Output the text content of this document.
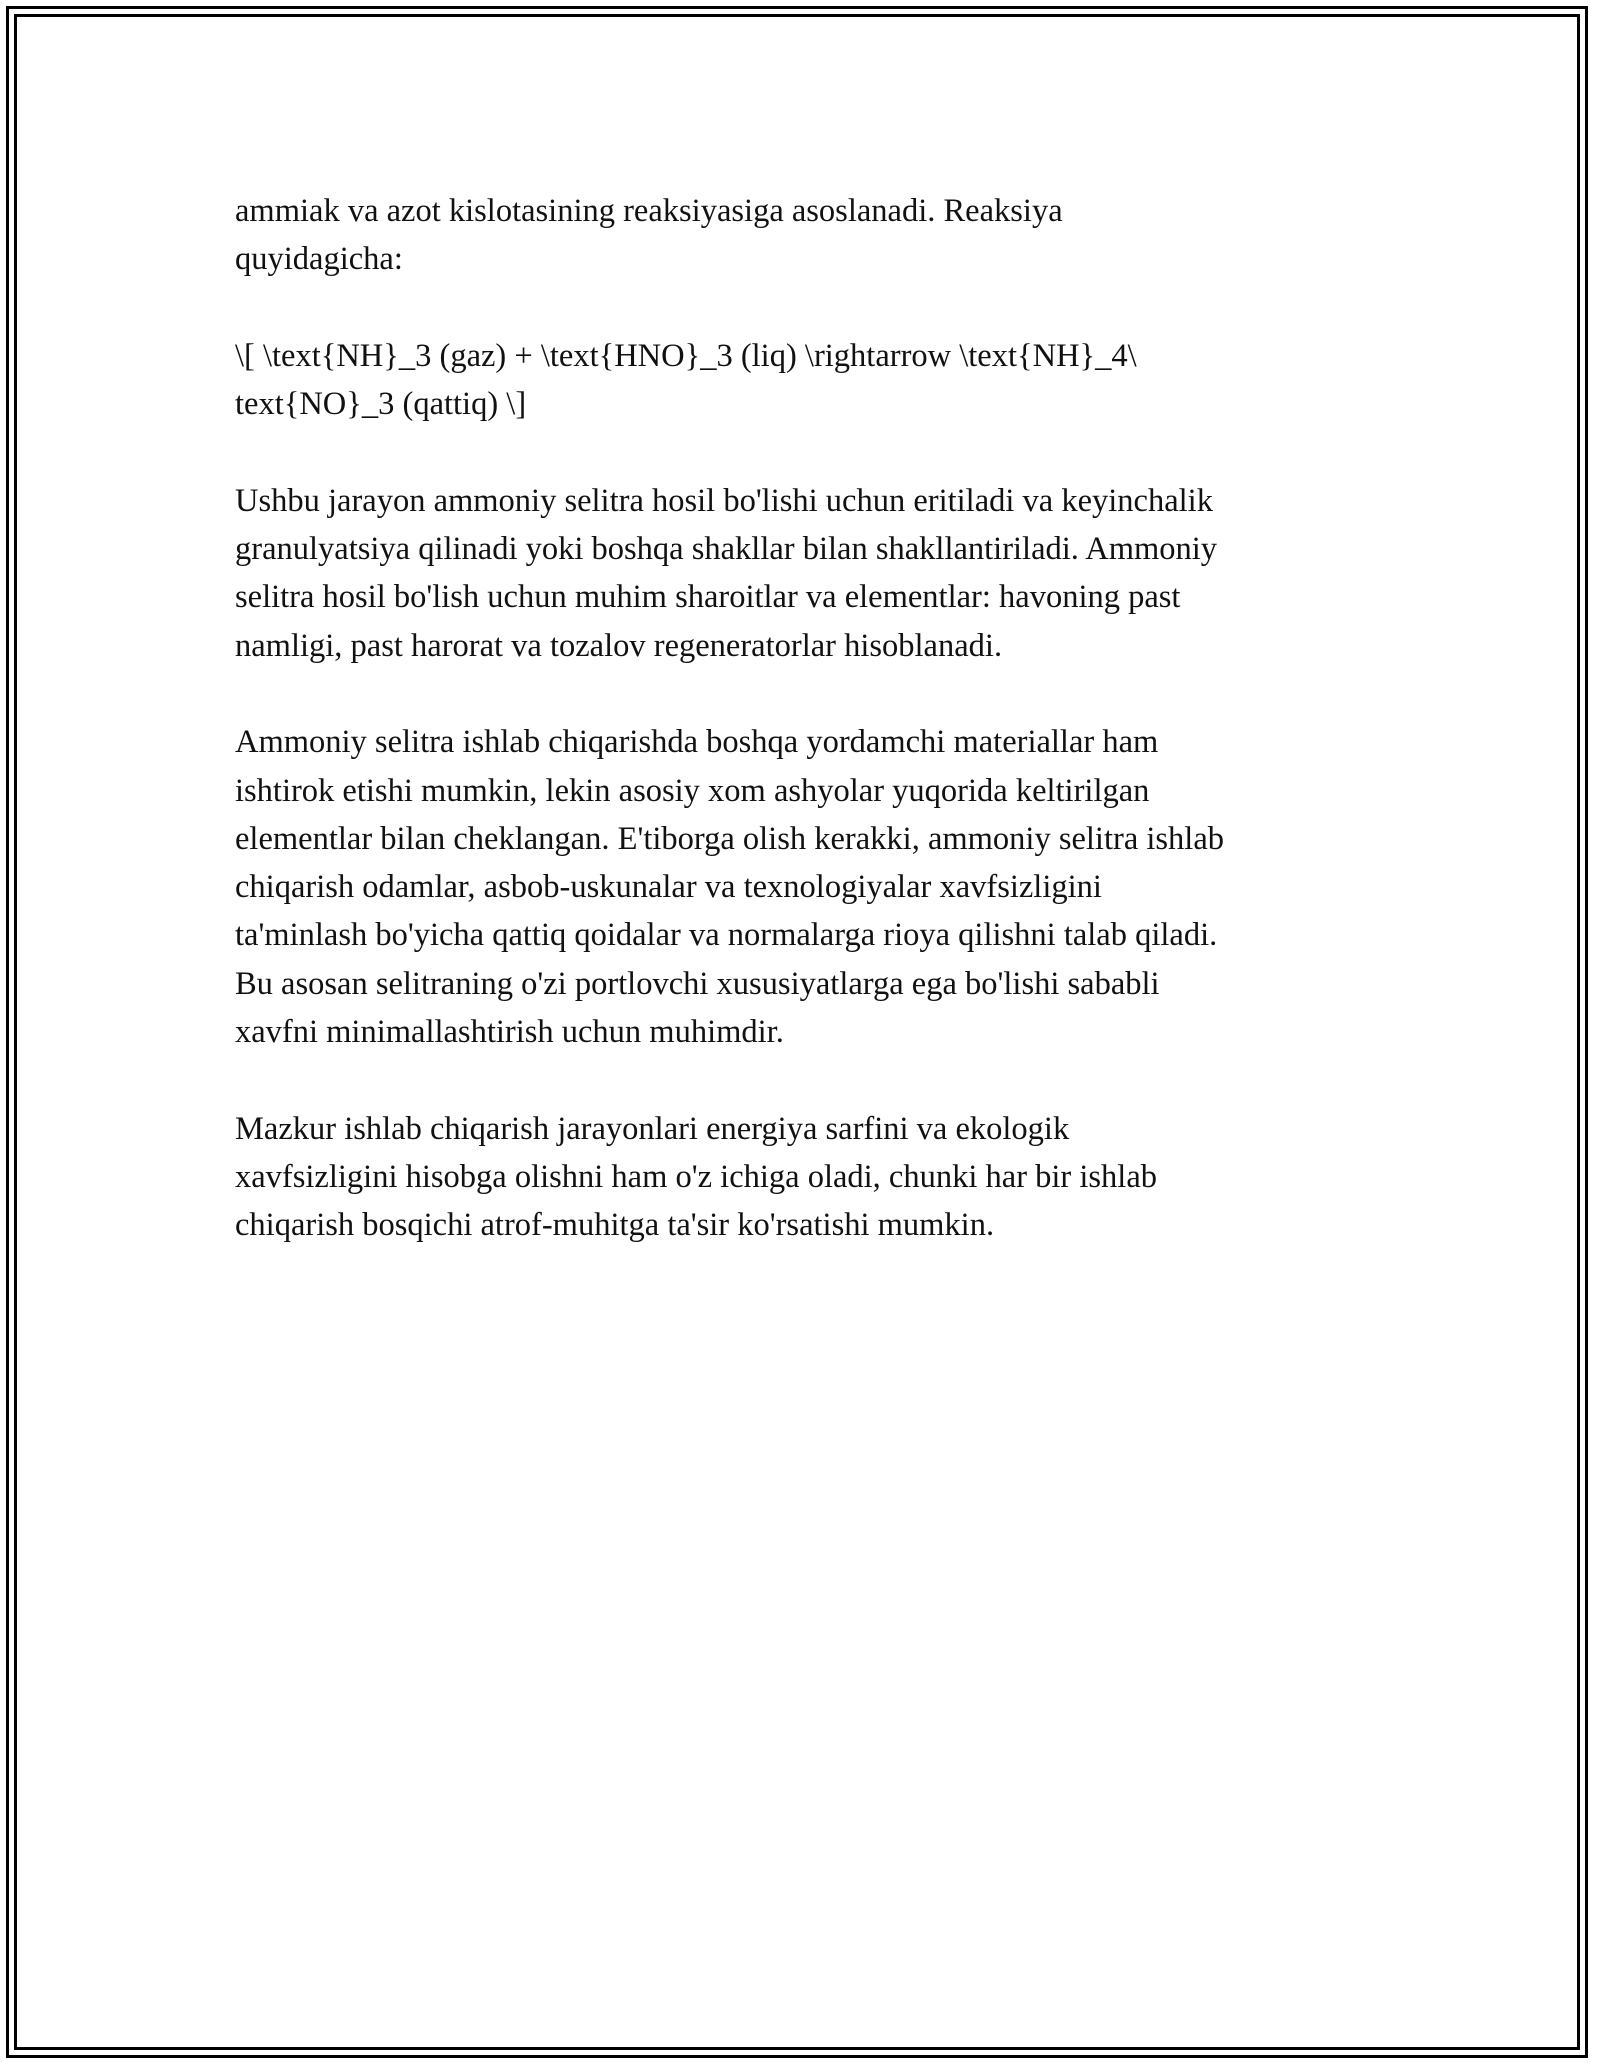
ammiak va azot kislotasining reaksiyasiga asoslanadi. Reaksiya
quyidagicha:

\[ \text{NH}_3 (gaz) + \text{HNO}_3 (liq) \rightarrow \text{NH}_4\
text{NO}_3 (qattiq) \]

Ushbu jarayon ammoniy selitra hosil bo'lishi uchun eritiladi va keyinchalik
granulyatsiya qilinadi yoki boshqa shakllar bilan shakllantiriladi. Ammoniy
selitra hosil bo'lish uchun muhim sharoitlar va elementlar: havoning past
namligi, past harorat va tozalov regeneratorlar hisoblanadi.

Ammoniy selitra ishlab chiqarishda boshqa yordamchi materiallar ham
ishtirok etishi mumkin, lekin asosiy xom ashyolar yuqorida keltirilgan
elementlar bilan cheklangan. E'tiborga olish kerakki, ammoniy selitra ishlab
chiqarish odamlar, asbob-uskunalar va texnologiyalar xavfsizligini
ta'minlash bo'yicha qattiq qoidalar va normalarga rioya qilishni talab qiladi.
Bu asosan selitraning o'zi portlovchi xususiyatlarga ega bo'lishi sababli
xavfni minimallashtirish uchun muhimdir.

Mazkur ishlab chiqarish jarayonlari energiya sarfini va ekologik
xavfsizligini hisobga olishni ham o'z ichiga oladi, chunki har bir ishlab
chiqarish bosqichi atrof-muhitga ta'sir ko'rsatishi mumkin.
